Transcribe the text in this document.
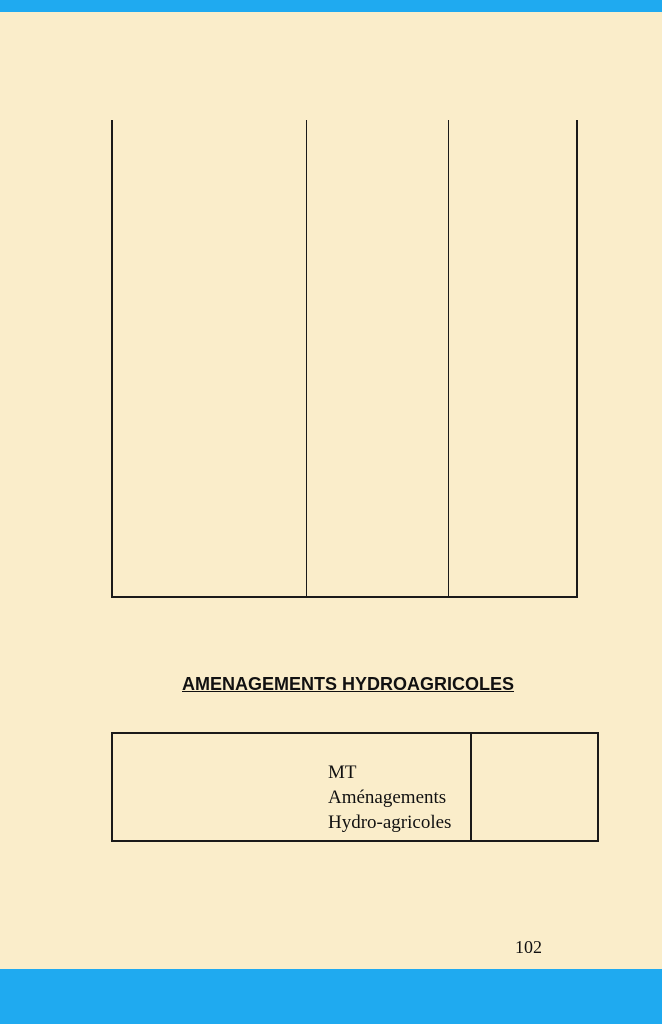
AMENAGEMENTS HYDROAGRICOLES
MT
Aménagements
Hydro-agricoles
102
